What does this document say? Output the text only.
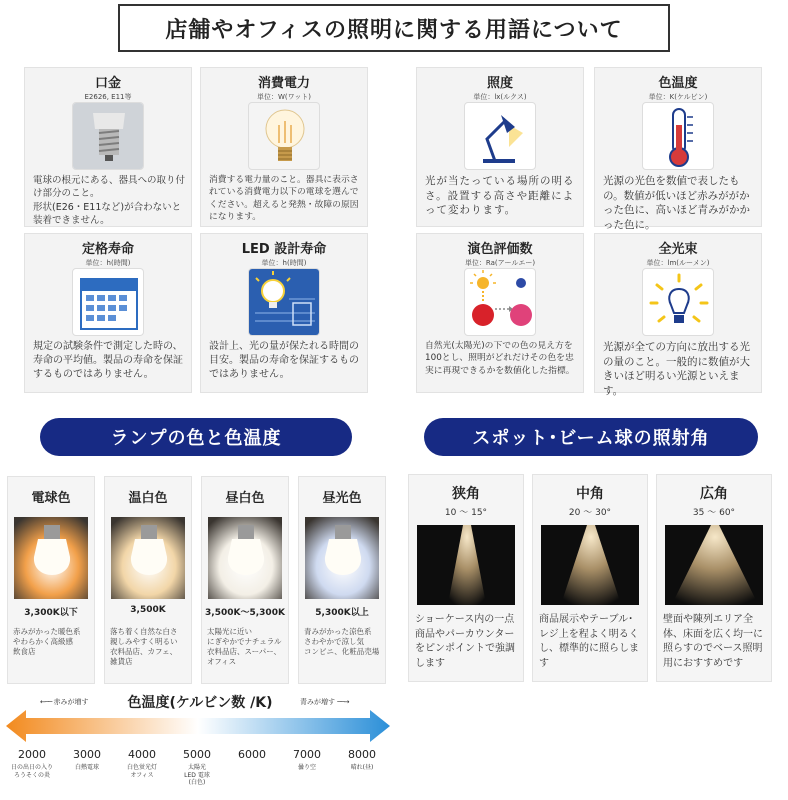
店舗やオフィスの照明に関する用語について
口金
E2626, E11等
電球の根元にある、器具への取り付け部分のこと。
形状(E26・E11など)が合わないと装着できません。
消費電力
単位：W(ワット)
消費する電力量のこと。器具に表示されている消費電力以下の電球を選んでください。超えると発熱・故障の原因になります。
定格寿命
単位：h(時間)
規定の試験条件で測定した時の、寿命の平均値。製品の寿命を保証するものではありません。
LED 設計寿命
単位：h(時間)
設計上、光の量が保たれる時間の目安。製品の寿命を保証するものではありません。
照度
単位：lx(ルクス)
光が当たっている場所の明るさ。設置する高さや距離によって変わります。
色温度
単位：K(ケルビン)
光源の光色を数値で表したもの。数値が低いほど赤みががかった色に、高いほど青みがかかった色に。
演色評価数
単位：Ra(アールエー)
自然光(太陽光)の下での色の見え方を100とし、照明がどれだけその色を忠実に再現できるかを数値化した指標。
全光束
単位：lm(ルーメン)
光源が全ての方向に放出する光の量のこと。一般的に数値が大きいほど明るい光源といえます。
ランプの色と色温度	スポット･ビーム球の照射角
電球色
3,300K以下
赤みがかった暖色系
やわらかく高級感
飲食店
温白色
3,500K
落ち着く自然な白さ
親しみやすく明るい
衣料品店、カフェ、
雑貨店
昼白色
3,500K～5,300K
太陽光に近い
にぎやかでナチュラル
衣料品店、スーパー、
オフィス
昼光色
5,300K以上
青みがかった涼色系
さわやかで涼し気
コンビニ、化粧品売場
←── 赤みが増す	色温度(ケルビン数 /K)	青みが増す ──→
2000
日の出日の入り
ろうそくの炎
3000
白熱電球
4000
白色蛍光灯
オフィス
5000
太陽光
LED 電球
(白色)
6000	7000
曇り空
8000
晴れ(昼)
狭角
10 ～ 15°
ショーケース内の一点商品やパーカウンターをピンポイントで強調します
中角
20 ～ 30°
商品展示やテーブル･レジ上を程よく明るくし、標準的に照らします
広角
35 ～ 60°
壁面や陳列エリア全体、床面を広く均一に照らすのでベース照明用におすすめです
